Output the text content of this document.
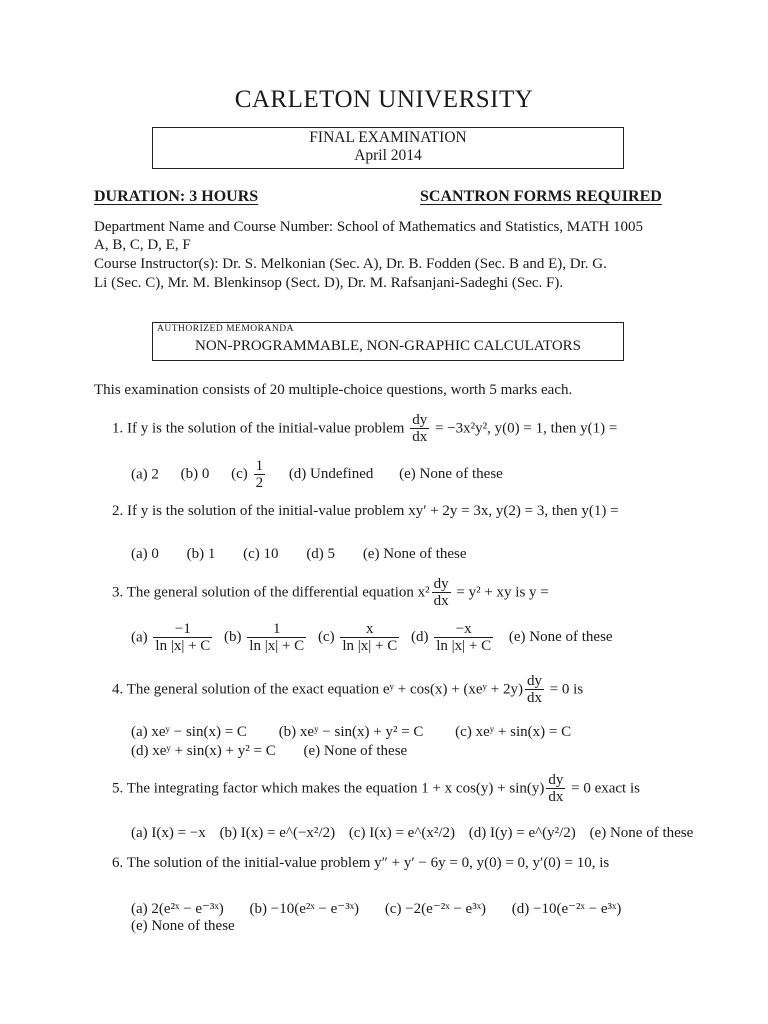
CARLETON UNIVERSITY
FINAL EXAMINATION
April 2014
DURATION: 3 HOURS	SCANTRON FORMS REQUIRED
Department Name and Course Number: School of Mathematics and Statistics, MATH 1005
A, B, C, D, E, F
Course Instructor(s): Dr. S. Melkonian (Sec. A), Dr. B. Fodden (Sec. B and E), Dr. G.
Li (Sec. C), Mr. M. Blenkinsop (Sect. D), Dr. M. Rafsanjani-Sadeghi (Sec. F).
AUTHORIZED MEMORANDA
NON-PROGRAMMABLE, NON-GRAPHIC CALCULATORS
This examination consists of 20 multiple-choice questions, worth 5 marks each.
1. If y is the solution of the initial-value problem $\frac{dy}{dx} = -3x^2y^2$, y(0) = 1, then y(1) =
(a) 2 (b) 0 $(c) \frac{1}{2} (d)$ Undefined (e) None of these
2. If y is the solution of the initial-value problem xy′ + 2y = 3x, y(2) = 3, then y(1) =
(a) 0 (b) 1 (c) 10 (d) 5 (e) None of these
3. The general solution of the differential equation $x^2 \frac{dy}{dx} = y^2$ + xy is y =
$(a) \frac{-1}{\ln |x| + C} (b) \frac{1}{\ln |x| + C} (c) \frac{x}{\ln |x| + C} (d) \frac{-x}{\ln |x| + C} (e)$ None of these
4. The general solution of the exact equation eʸ + cos(x) + (xeʸ + $2y) \frac{dy}{dx} = 0$ is
(a) xeʸ − sin(x) = C (b) xeʸ − sin(x) + y² = C (c) xeʸ + sin(x) = C
(d) xeʸ + sin(x) + y² = C (e) None of these
5. The integrating factor which makes the equation 1 + x $\cos(y) + \sin(y) \frac{dy}{dx} = 0$ exact is
(a) I(x) = −x (b) I(x) = e^(−x²/2) (c) I(x) = e^(x²/2) (d) I(y) = e^(y²/2) (e) None of these
6. The solution of the initial-value problem y″ + y′ − 6y = 0, y(0) = 0, y′(0) = 10, is
(a) 2(e²ˣ − e⁻³ˣ) (b) −10(e²ˣ − e⁻³ˣ) (c) −2(e⁻²ˣ − e³ˣ) (d) −10(e⁻²ˣ − e³ˣ)
(e) None of these
